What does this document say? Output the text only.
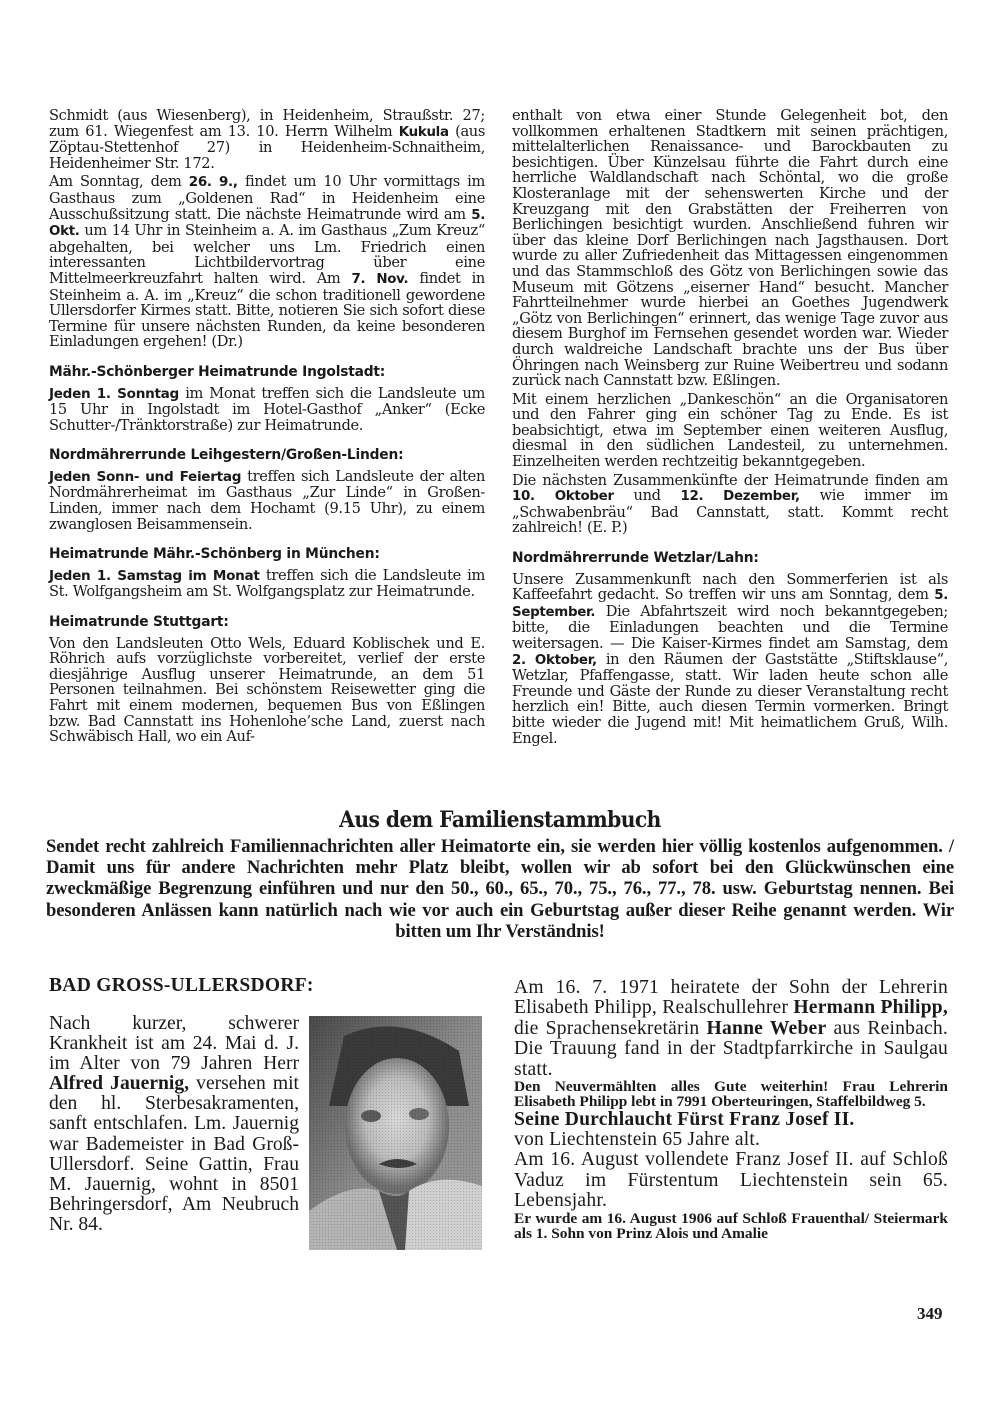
Schmidt (aus Wiesenberg), in Heidenheim, Straußstr. 27; zum 61. Wiegenfest am 13. 10. Herrn Wilhelm Kukula (aus Zöptau-Stettenhof 27) in Heidenheim-Schnaitheim, Heidenheimer Str. 172.

Am Sonntag, dem 26. 9., findet um 10 Uhr vormittags im Gasthaus zum „Goldenen Rad“ in Heidenheim eine Ausschußsitzung statt. Die nächste Heimatrunde wird am 5. Okt. um 14 Uhr in Steinheim a. A. im Gasthaus „Zum Kreuz“ abgehalten, bei welcher uns Lm. Friedrich einen interessanten Lichtbildervortrag über eine Mittelmeerkreuzfahrt halten wird. Am 7. Nov. findet in Steinheim a. A. im „Kreuz“ die schon traditionell gewordene Ullersdorfer Kirmes statt. Bitte, notieren Sie sich sofort diese Termine für unsere nächsten Runden, da keine besonderen Einladungen ergehen! (Dr.)

Mähr.-Schönberger Heimatrunde Ingolstadt:

Jeden 1. Sonntag im Monat treffen sich die Landsleute um 15 Uhr in Ingolstadt im Hotel-Gasthof „Anker“ (Ecke Schutter-/Tränktorstraße) zur Heimatrunde.

Nordmährerrunde Leihgestern/Großen-Linden:

Jeden Sonn- und Feiertag treffen sich Landsleute der alten Nordmährerheimat im Gasthaus „Zur Linde“ in Großen-Linden, immer nach dem Hochamt (9.15 Uhr), zu einem zwanglosen Beisammensein.

Heimatrunde Mähr.-Schönberg in München:

Jeden 1. Samstag im Monat treffen sich die Landsleute im St. Wolfgangsheim am St. Wolfgangsplatz zur Heimatrunde.

Heimatrunde Stuttgart:

Von den Landsleuten Otto Wels, Eduard Koblischek und E. Röhrich aufs vorzüglichste vorbereitet, verlief der erste diesjährige Ausflug unserer Heimatrunde, an dem 51 Personen teilnahmen. Bei schönstem Reisewetter ging die Fahrt mit einem modernen, bequemen Bus von Eßlingen bzw. Bad Cannstatt ins Hohenlohe’sche Land, zuerst nach Schwäbisch Hall, wo ein Auf-

enthalt von etwa einer Stunde Gelegenheit bot, den vollkommen erhaltenen Stadtkern mit seinen prächtigen, mittelalterlichen Renaissance- und Barockbauten zu besichtigen. Über Künzelsau führte die Fahrt durch eine herrliche Waldlandschaft nach Schöntal, wo die große Klosteranlage mit der sehenswerten Kirche und der Kreuzgang mit den Grabstätten der Freiherren von Berlichingen besichtigt wurden. Anschließend fuhren wir über das kleine Dorf Berlichingen nach Jagsthausen. Dort wurde zu aller Zufriedenheit das Mittagessen eingenommen und das Stammschloß des Götz von Berlichingen sowie das Museum mit Götzens „eiserner Hand“ besucht. Mancher Fahrtteilnehmer wurde hierbei an Goethes Jugendwerk „Götz von Berlichingen“ erinnert, das wenige Tage zuvor aus diesem Burghof im Fernsehen gesendet worden war. Wieder durch waldreiche Landschaft brachte uns der Bus über Öhringen nach Weinsberg zur Ruine Weibertreu und sodann zurück nach Cannstatt bzw. Eßlingen.

Mit einem herzlichen „Dankeschön“ an die Organisatoren und den Fahrer ging ein schöner Tag zu Ende. Es ist beabsichtigt, etwa im September einen weiteren Ausflug, diesmal in den südlichen Landesteil, zu unternehmen. Einzelheiten werden rechtzeitig bekanntgegeben.

Die nächsten Zusammenkünfte der Heimatrunde finden am 10. Oktober und 12. Dezember, wie immer im „Schwabenbräu“ Bad Cannstatt, statt. Kommt recht zahlreich! (E. P.)

Nordmährerrunde Wetzlar/Lahn:

Unsere Zusammenkunft nach den Sommerferien ist als Kaffeefahrt gedacht. So treffen wir uns am Sonntag, dem 5. September. Die Abfahrtszeit wird noch bekanntgegeben; bitte, die Einladungen beachten und die Termine weitersagen. — Die Kaiser-Kirmes findet am Samstag, dem 2. Oktober, in den Räumen der Gaststätte „Stiftsklause“, Wetzlar, Pfaffengasse, statt. Wir laden heute schon alle Freunde und Gäste der Runde zu dieser Veranstaltung recht herzlich ein! Bitte, auch diesen Termin vormerken. Bringt bitte wieder die Jugend mit! Mit heimatlichem Gruß, Wilh. Engel.

Aus dem Familienstammbuch

Sendet recht zahlreich Familiennachrichten aller Heimatorte ein, sie werden hier völlig kostenlos aufgenommen. / Damit uns für andere Nachrichten mehr Platz bleibt, wollen wir ab sofort bei den Glückwünschen eine zweckmäßige Begrenzung einführen und nur den 50., 60., 65., 70., 75., 76., 77., 78. usw. Geburtstag nennen. Bei besonderen Anlässen kann natürlich nach wie vor auch ein Geburtstag außer dieser Reihe genannt werden. Wir bitten um Ihr Verständnis!

BAD GROSS-ULLERSDORF:

Nach kurzer, schwerer Krankheit ist am 24. Mai d. J. im Alter von 79 Jahren Herr Alfred Jauernig, versehen mit den hl. Sterbesakramenten, sanft entschlafen. Lm. Jauernig war Bademeister in Bad Groß-Ullersdorf. Seine Gattin, Frau M. Jauernig, wohnt in 8501 Behringersdorf, Am Neubruch Nr. 84.

Am 16. 7. 1971 heiratete der Sohn der Lehrerin Elisabeth Philipp, Realschullehrer Hermann Philipp, die Sprachensekretärin Hanne Weber aus Reinbach. Die Trauung fand in der Stadtpfarrkirche in Saulgau statt.

Den Neuvermählten alles Gute weiterhin! Frau Lehrerin Elisabeth Philipp lebt in 7991 Oberteuringen, Staffelbildweg 5.

Seine Durchlaucht Fürst Franz Josef II.

von Liechtenstein 65 Jahre alt.

Am 16. August vollendete Franz Josef II. auf Schloß Vaduz im Fürstentum Liechtenstein sein 65. Lebensjahr.

Er wurde am 16. August 1906 auf Schloß Frauenthal/ Steiermark als 1. Sohn von Prinz Alois und Amalie

349
